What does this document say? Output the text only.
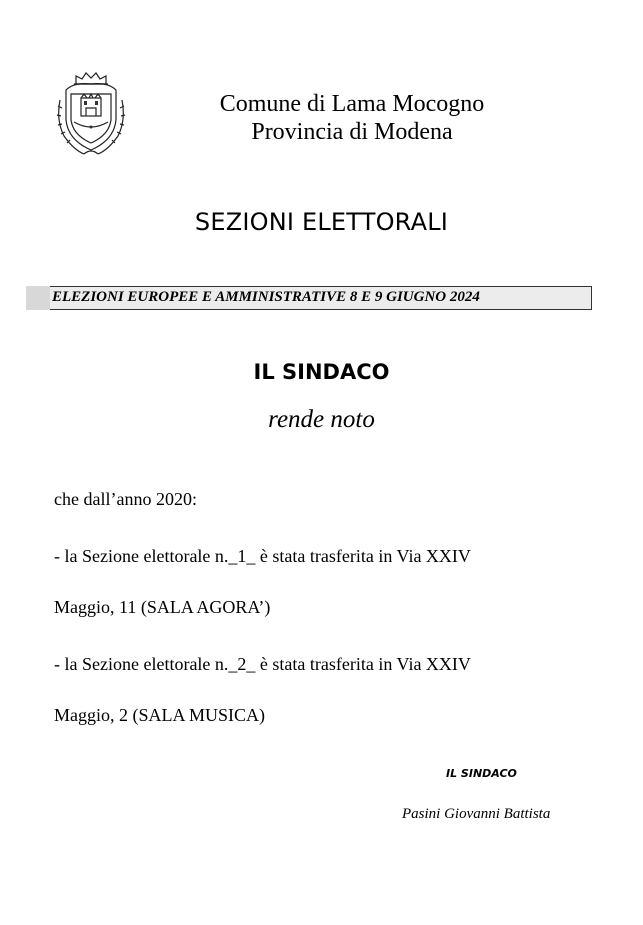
Comune di Lama Mocogno
Provincia di Modena
SEZIONI ELETTORALI
ELEZIONI EUROPEE E AMMINISTRATIVE 8 E 9 GIUGNO 2024
IL SINDACO
rende noto
che dall’anno 2020:
- la Sezione elettorale n._1_ è stata trasferita in Via XXIV
Maggio, 11 (SALA AGORA’)
- la Sezione elettorale n._2_ è stata trasferita in Via XXIV
Maggio, 2 (SALA MUSICA)
IL SINDACO
Pasini Giovanni Battista
